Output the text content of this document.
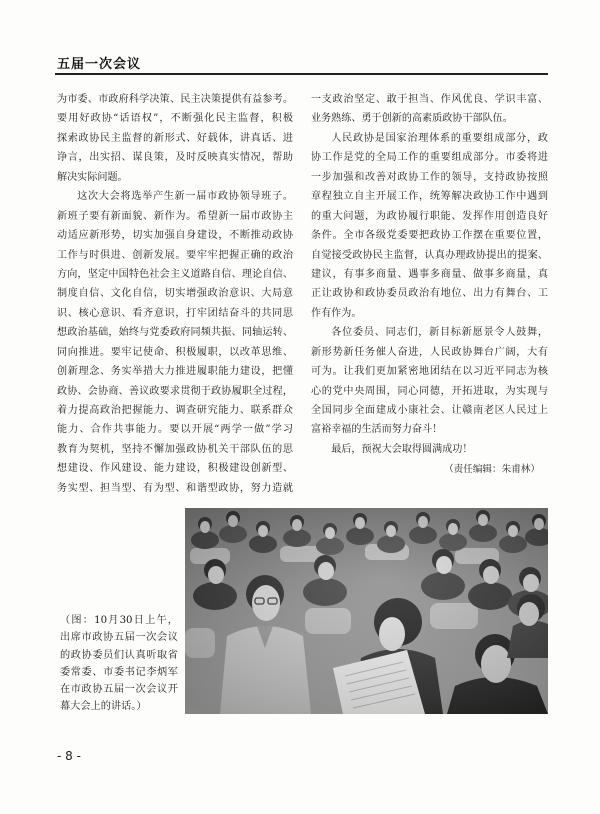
五届一次会议
为市委、市政府科学决策、民主决策提供有益参考。
要用好政协“话语权”，不断强化民主监督，积极
探索政协民主监督的新形式、好载体，讲真话、进
诤言，出实招、谋良策，及时反映真实情况，帮助
解决实际问题。
这次大会将选举产生新一届市政协领导班子。
新班子要有新面貌、新作为。希望新一届市政协主
动适应新形势，切实加强自身建设，不断推动政协
工作与时俱进、创新发展。要牢牢把握正确的政治
方向，坚定中国特色社会主义道路自信、理论自信、
制度自信、文化自信，切实增强政治意识、大局意
识、核心意识、看齐意识，打牢团结奋斗的共同思
想政治基础，始终与党委政府同频共振、同轴运转、
同向推进。要牢记使命、积极履职，以改革思维、
创新理念、务实举措大力推进履职能力建设，把懂
政协、会协商、善议政要求贯彻于政协履职全过程，
着力提高政治把握能力、调查研究能力、联系群众
能力、合作共事能力。要以开展“两学一做”学习
教育为契机，坚持不懈加强政协机关干部队伍的思
想建设、作风建设、能力建设，积极建设创新型、
务实型、担当型、有为型、和谐型政协，努力造就
一支政治坚定、敢于担当、作风优良、学识丰富、
业务熟练、勇于创新的高素质政协干部队伍。
人民政协是国家治理体系的重要组成部分，政
协工作是党的全局工作的重要组成部分。市委将进
一步加强和改善对政协工作的领导，支持政协按照
章程独立自主开展工作，统筹解决政协工作中遇到
的重大问题，为政协履行职能、发挥作用创造良好
条件。全市各级党委要把政协工作摆在重要位置，
自觉接受政协民主监督，认真办理政协提出的提案、
建议，有事多商量、遇事多商量、做事多商量，真
正让政协和政协委员政治有地位、出力有舞台、工
作有作为。
各位委员、同志们，新目标新愿景令人鼓舞，
新形势新任务催人奋进，人民政协舞台广阔，大有
可为。让我们更加紧密地团结在以习近平同志为核
心的党中央周围，同心同德，开拓进取，为实现与
全国同步全面建成小康社会、让赣南老区人民过上
富裕幸福的生活而努力奋斗！
最后，预祝大会取得圆满成功！
（责任编辑：朱甫林）
（图：10月30日上午，
出席市政协五届一次会议
的政协委员们认真听取省
委常委、市委书记李炳军
在市政协五届一次会议开
幕大会上的讲话。）
- 8 -
